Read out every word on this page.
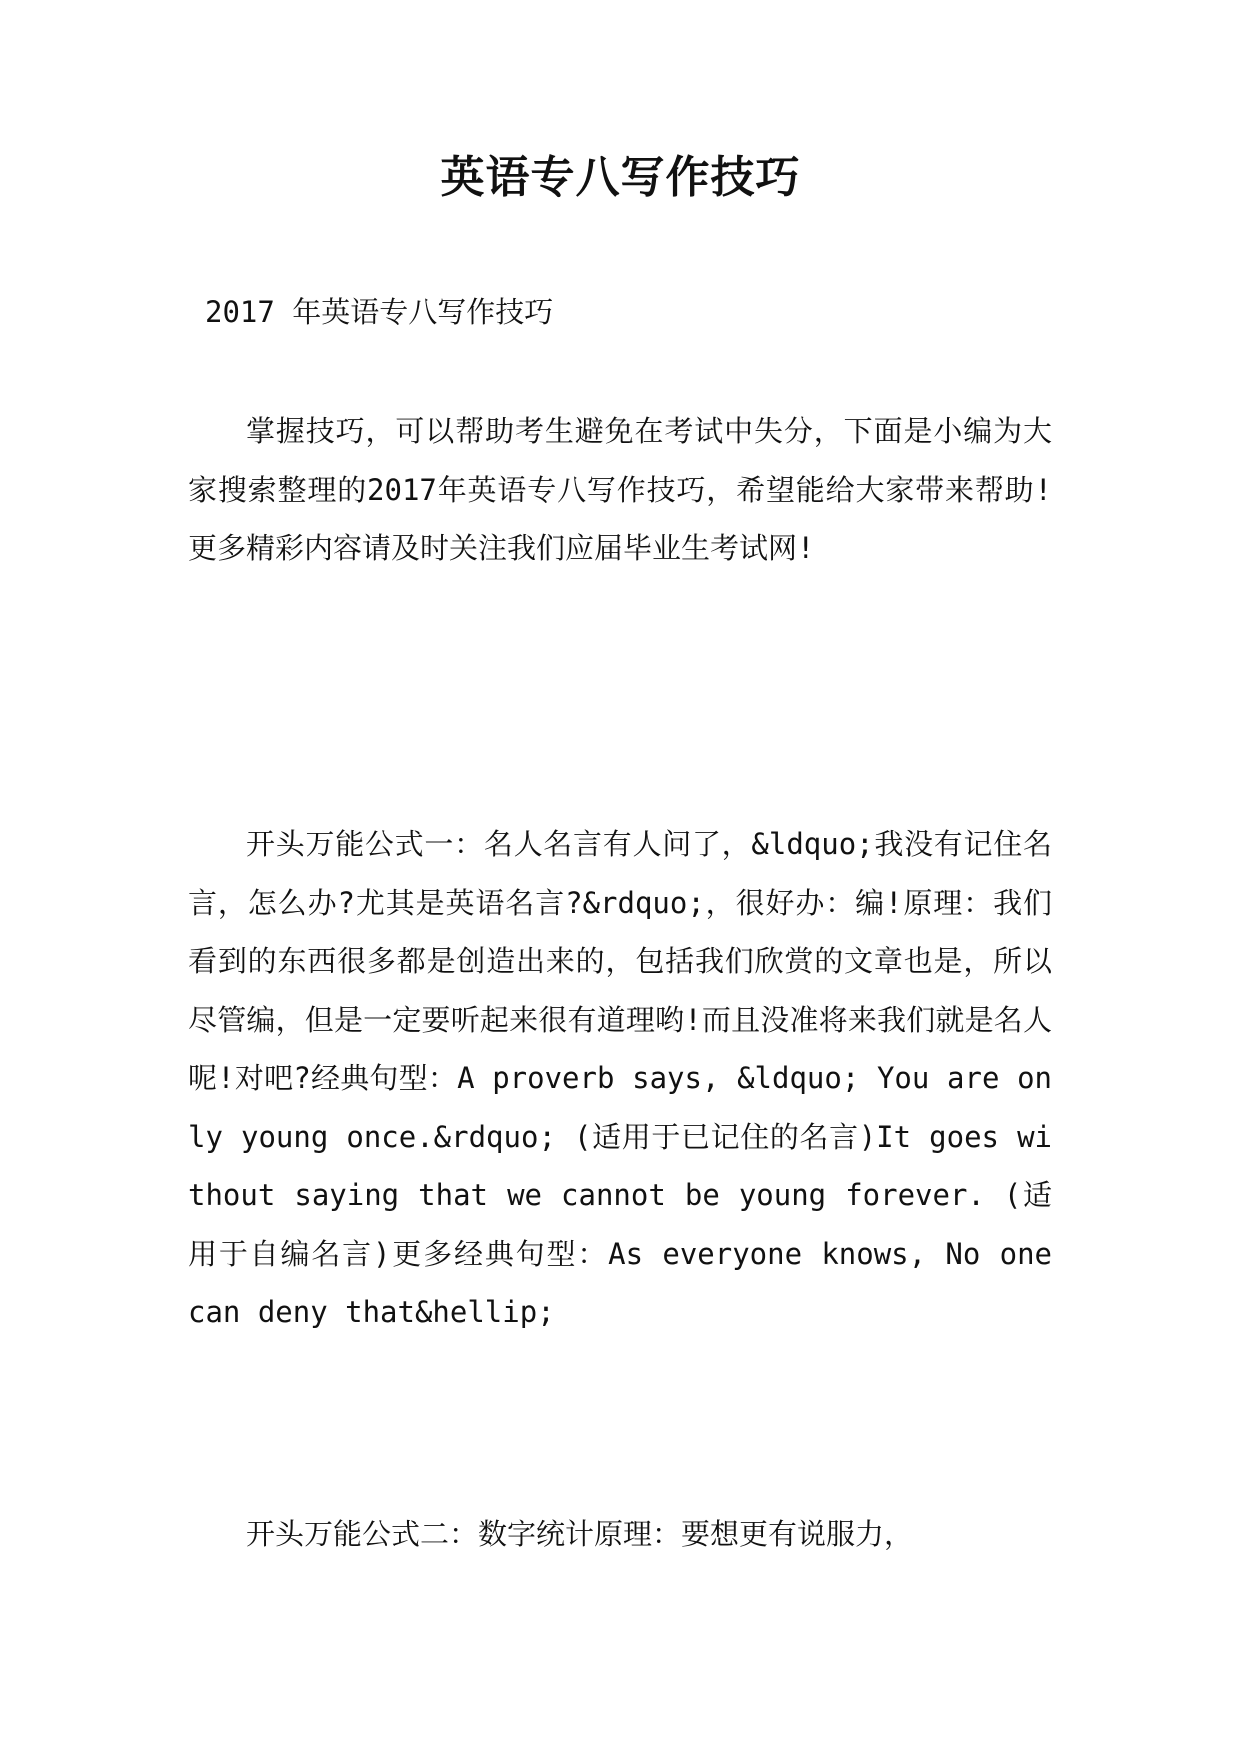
英语专八写作技巧
2017 年英语专八写作技巧

掌握技巧，可以帮助考生避免在考试中失分，下面是小编为大家搜索整理的2017年英语专八写作技巧，希望能给大家带来帮助!更多精彩内容请及时关注我们应届毕业生考试网!

开头万能公式一：名人名言有人问了，&ldquo;我没有记住名言，怎么办?尤其是英语名言?&rdquo;，很好办：编!原理：我们看到的东西很多都是创造出来的，包括我们欣赏的文章也是，所以尽管编，但是一定要听起来很有道理哟!而且没准将来我们就是名人呢!对吧?经典句型：A proverb says, &ldquo; You are only young once.&rdquo; (适用于已记住的名言)It goes without saying that we cannot be young forever. (适用于自编名言)更多经典句型：As everyone knows, No one can deny that&hellip;

开头万能公式二：数字统计原理：要想更有说服力，
